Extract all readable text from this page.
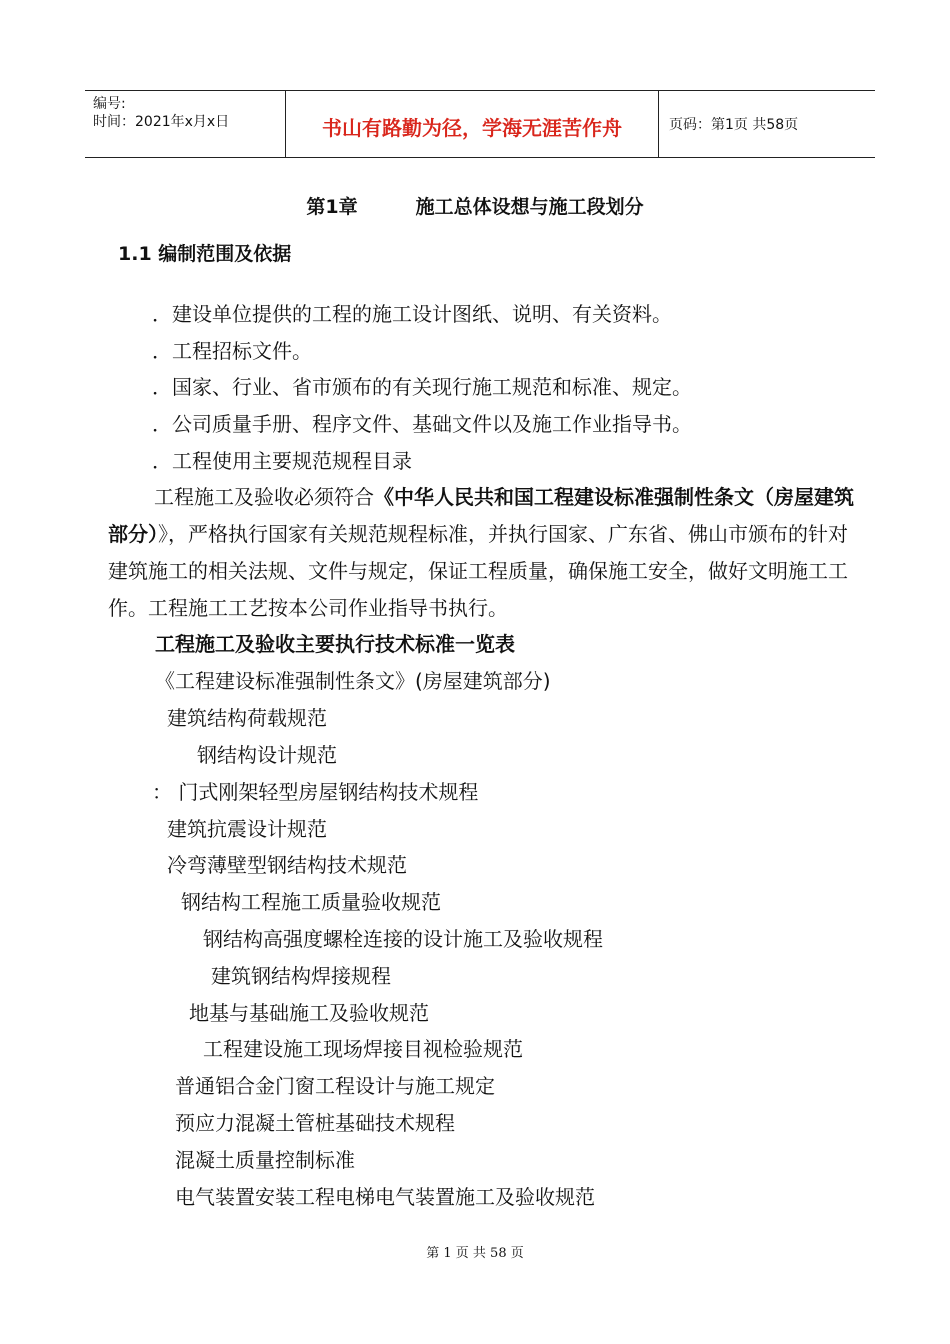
编号:
时间：2021年x月x日	书山有路勤为径，学海无涯苦作舟	页码：第1页 共58页
第1章	施工总体设想与施工段划分
1.1 编制范围及依据
．建设单位提供的工程的施工设计图纸、说明、有关资料。
．工程招标文件。
．国家、行业、省市颁布的有关现行施工规范和标准、规定。
．公司质量手册、程序文件、基础文件以及施工作业指导书。
．工程使用主要规范规程目录
工程施工及验收必须符合《中华人民共和国工程建设标准强制性条文（房屋建筑部分）》，严格执行国家有关规范规程标准，并执行国家、广东省、佛山市颁布的针对建筑施工的相关法规、文件与规定，保证工程质量，确保施工安全，做好文明施工工作。工程施工工艺按本公司作业指导书执行。
工程施工及验收主要执行技术标准一览表
《工程建设标准强制性条文》(房屋建筑部分)
建筑结构荷载规范
钢结构设计规范
： 门式刚架轻型房屋钢结构技术规程
建筑抗震设计规范
冷弯薄壁型钢结构技术规范
钢结构工程施工质量验收规范
钢结构高强度螺栓连接的设计施工及验收规程
建筑钢结构焊接规程
地基与基础施工及验收规范
工程建设施工现场焊接目视检验规范
普通铝合金门窗工程设计与施工规定
预应力混凝土管桩基础技术规程
混凝土质量控制标准
电气装置安装工程电梯电气装置施工及验收规范
第 1 页 共 58 页
